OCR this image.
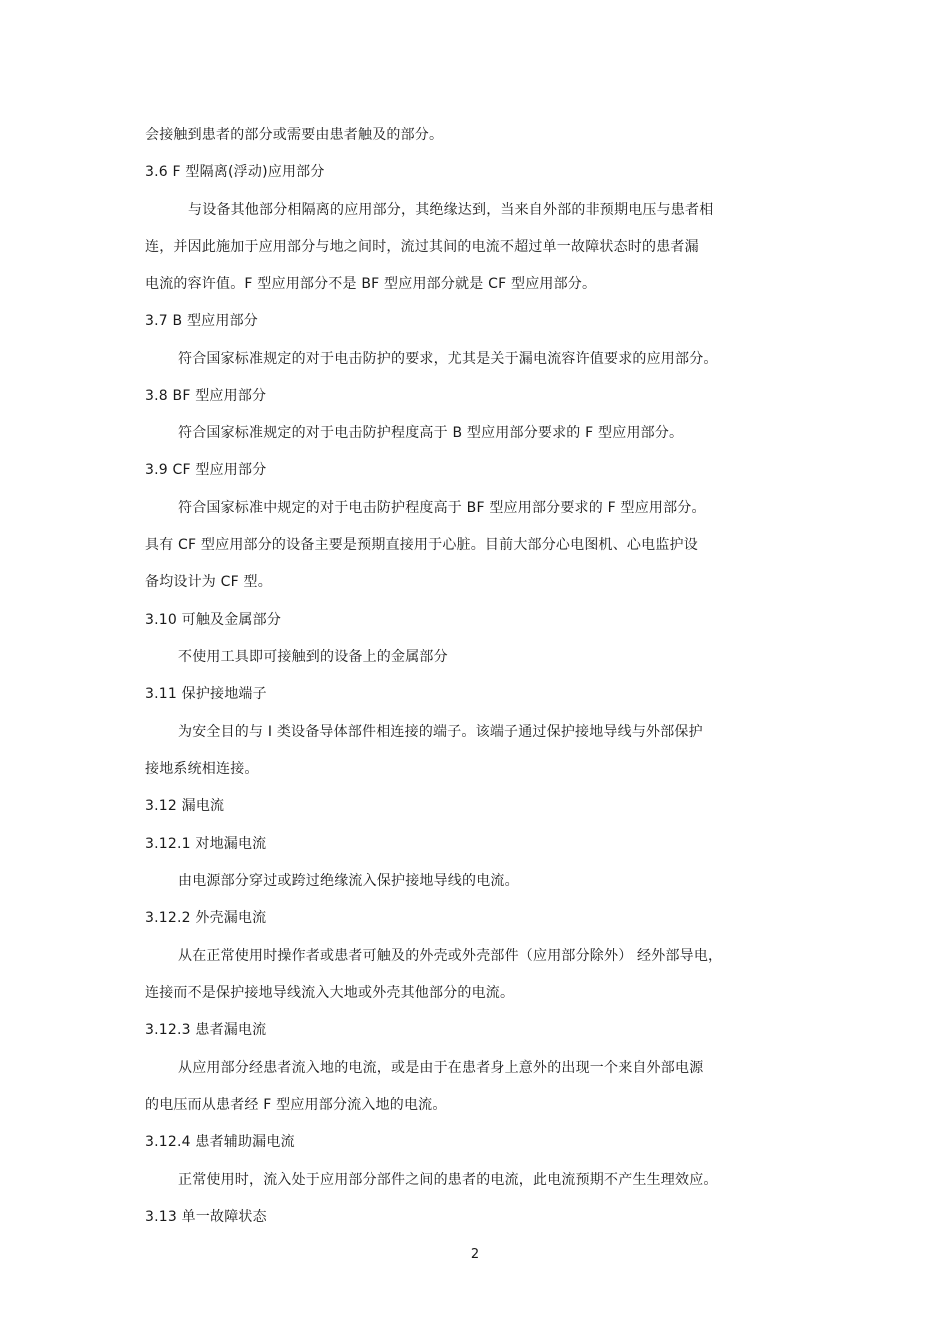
会接触到患者的部分或需要由患者触及的部分。
3.6 F 型隔离(浮动)应用部分
与设备其他部分相隔离的应用部分，其绝缘达到，当来自外部的非预期电压与患者相
连，并因此施加于应用部分与地之间时，流过其间的电流不超过单一故障状态时的患者漏
电流的容许值。F 型应用部分不是 BF 型应用部分就是 CF 型应用部分。
3.7 B 型应用部分
符合国家标准规定的对于电击防护的要求，尤其是关于漏电流容许值要求的应用部分。
3.8 BF 型应用部分
符合国家标准规定的对于电击防护程度高于 B 型应用部分要求的 F 型应用部分。
3.9 CF 型应用部分
符合国家标准中规定的对于电击防护程度高于 BF 型应用部分要求的 F 型应用部分。
具有 CF 型应用部分的设备主要是预期直接用于心脏。目前大部分心电图机、心电监护设
备均设计为 CF 型。
3.10 可触及金属部分
不使用工具即可接触到的设备上的金属部分
3.11 保护接地端子
为安全目的与 I 类设备导体部件相连接的端子。该端子通过保护接地导线与外部保护
接地系统相连接。
3.12 漏电流
3.12.1 对地漏电流
由电源部分穿过或跨过绝缘流入保护接地导线的电流。
3.12.2 外壳漏电流
从在正常使用时操作者或患者可触及的外壳或外壳部件（应用部分除外） 经外部导电，
连接而不是保护接地导线流入大地或外壳其他部分的电流。
3.12.3 患者漏电流
从应用部分经患者流入地的电流，或是由于在患者身上意外的出现一个来自外部电源
的电压而从患者经 F 型应用部分流入地的电流。
3.12.4 患者辅助漏电流
正常使用时，流入处于应用部分部件之间的患者的电流，此电流预期不产生生理效应。
3.13 单一故障状态
2
